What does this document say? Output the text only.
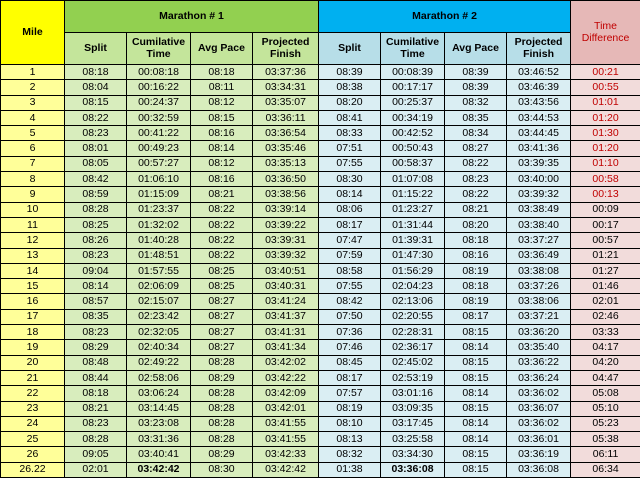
Mile	Marathon # 1				Marathon # 2				Time Difference
	Split	Cumilative Time	Avg Pace	Projected Finish	Split	Cumilative Time	Avg Pace	Projected Finish	
1	08:18	00:08:18	08:18	03:37:36	08:39	00:08:39	08:39	03:46:52	00:21
2	08:04	00:16:22	08:11	03:34:31	08:38	00:17:17	08:39	03:46:39	00:55
3	08:15	00:24:37	08:12	03:35:07	08:20	00:25:37	08:32	03:43:56	01:01
4	08:22	00:32:59	08:15	03:36:11	08:41	00:34:19	08:35	03:44:53	01:20
5	08:23	00:41:22	08:16	03:36:54	08:33	00:42:52	08:34	03:44:45	01:30
6	08:01	00:49:23	08:14	03:35:46	07:51	00:50:43	08:27	03:41:36	01:20
7	08:05	00:57:27	08:12	03:35:13	07:55	00:58:37	08:22	03:39:35	01:10
8	08:42	01:06:10	08:16	03:36:50	08:30	01:07:08	08:23	03:40:00	00:58
9	08:59	01:15:09	08:21	03:38:56	08:14	01:15:22	08:22	03:39:32	00:13
10	08:28	01:23:37	08:22	03:39:14	08:06	01:23:27	08:21	03:38:49	00:09
11	08:25	01:32:02	08:22	03:39:22	08:17	01:31:44	08:20	03:38:40	00:17
12	08:26	01:40:28	08:22	03:39:31	07:47	01:39:31	08:18	03:37:27	00:57
13	08:23	01:48:51	08:22	03:39:32	07:59	01:47:30	08:16	03:36:49	01:21
14	09:04	01:57:55	08:25	03:40:51	08:58	01:56:29	08:19	03:38:08	01:27
15	08:14	02:06:09	08:25	03:40:31	07:55	02:04:23	08:18	03:37:26	01:46
16	08:57	02:15:07	08:27	03:41:24	08:42	02:13:06	08:19	03:38:06	02:01
17	08:35	02:23:42	08:27	03:41:37	07:50	02:20:55	08:17	03:37:21	02:46
18	08:23	02:32:05	08:27	03:41:31	07:36	02:28:31	08:15	03:36:20	03:33
19	08:29	02:40:34	08:27	03:41:34	07:46	02:36:17	08:14	03:35:40	04:17
20	08:48	02:49:22	08:28	03:42:02	08:45	02:45:02	08:15	03:36:22	04:20
21	08:44	02:58:06	08:29	03:42:22	08:17	02:53:19	08:15	03:36:24	04:47
22	08:18	03:06:24	08:28	03:42:09	07:57	03:01:16	08:14	03:36:02	05:08
23	08:21	03:14:45	08:28	03:42:01	08:19	03:09:35	08:15	03:36:07	05:10
24	08:23	03:23:08	08:28	03:41:55	08:10	03:17:45	08:14	03:36:02	05:23
25	08:28	03:31:36	08:28	03:41:55	08:13	03:25:58	08:14	03:36:01	05:38
26	09:05	03:40:41	08:29	03:42:33	08:32	03:34:30	08:15	03:36:19	06:11
26.22	02:01	03:42:42	08:30	03:42:42	01:38	03:36:08	08:15	03:36:08	06:34
